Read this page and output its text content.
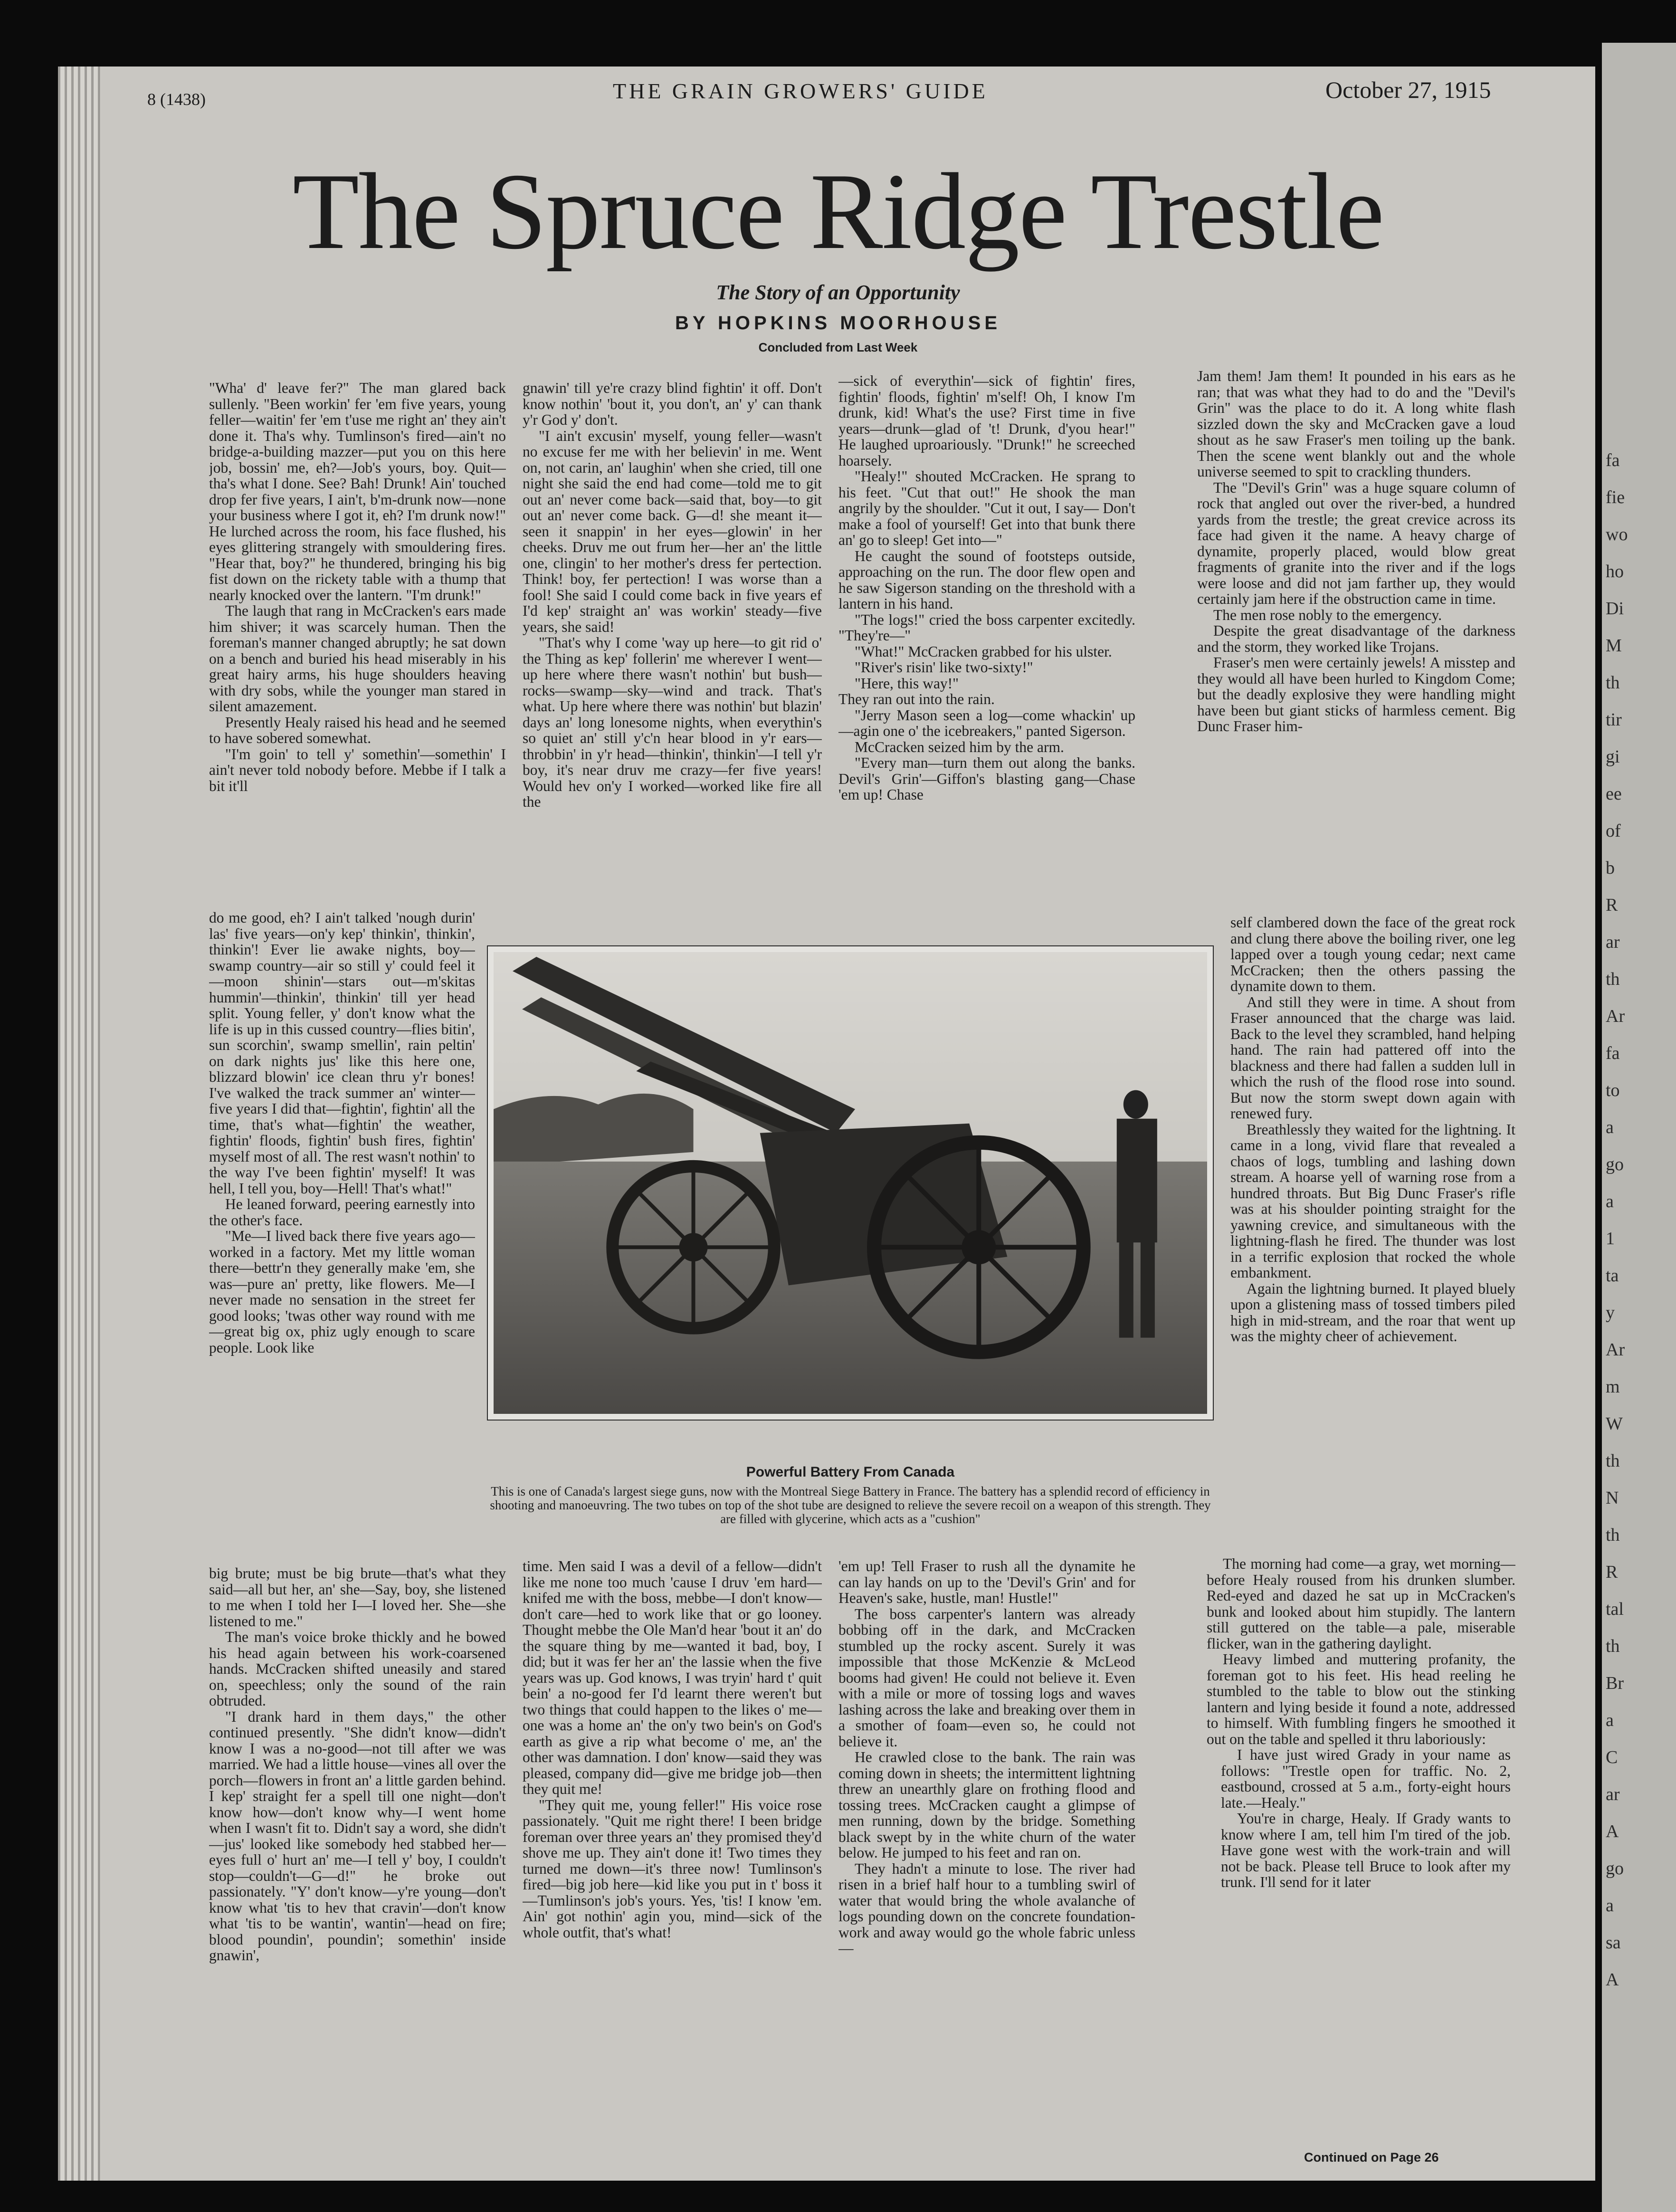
fa
fie
wo
ho
Di
M
th
tir
gi
ee
of
b
R
ar
th
Ar
fa
to
a
go
a
1
ta
y
Ar
m
W
th
N
th
R
tal
th
Br
a
C
ar
A
go
a
sa
A
8 (1438)	THE GRAIN GROWERS' GUIDE	October 27, 1915
The Spruce Ridge Trestle
The Story of an Opportunity
BY HOPKINS MOORHOUSE
Concluded from Last Week

"Wha' d' leave fer?" The man glared back sullenly. "Been workin' fer 'em five years, young feller—waitin' fer 'em t'use me right an' they ain't done it. Tha's why. Tumlinson's fired—ain't no bridge-a-building mazzer—put you on this here job, bossin' me, eh?—Job's yours, boy. Quit—tha's what I done. See? Bah! Drunk! Ain' touched drop fer five years, I ain't, b'm-drunk now—none your business where I got it, eh? I'm drunk now!" He lurched across the room, his face flushed, his eyes glittering strangely with smouldering fires. "Hear that, boy?" he thundered, bringing his big fist down on the rickety table with a thump that nearly knocked over the lantern. "I'm drunk!"

The laugh that rang in McCracken's ears made him shiver; it was scarcely human. Then the foreman's manner changed abruptly; he sat down on a bench and buried his head miserably in his great hairy arms, his huge shoulders heaving with dry sobs, while the younger man stared in silent amazement.

Presently Healy raised his head and he seemed to have sobered somewhat.

"I'm goin' to tell y' somethin'—somethin' I ain't never told nobody before. Mebbe if I talk a bit it'll

do me good, eh? I ain't talked 'nough durin' las' five years—on'y kep' thinkin', thinkin', thinkin'! Ever lie awake nights, boy—swamp country—air so still y' could feel it—moon shinin'—stars out—m'skitas hummin'—thinkin', thinkin' till yer head split. Young feller, y' don't know what the life is up in this cussed country—flies bitin', sun scorchin', swamp smellin', rain peltin' on dark nights jus' like this here one, blizzard blowin' ice clean thru y'r bones! I've walked the track summer an' winter—five years I did that—fightin', fightin' all the time, that's what—fightin' the weather, fightin' floods, fightin' bush fires, fightin' myself most of all. The rest wasn't nothin' to the way I've been fightin' myself! It was hell, I tell you, boy—Hell! That's what!"

He leaned forward, peering earnestly into the other's face.

"Me—I lived back there five years ago—worked in a factory. Met my little woman there—bettr'n they generally make 'em, she was—pure an' pretty, like flowers. Me—I never made no sensation in the street fer good looks; 'twas other way round with me—great big ox, phiz ugly enough to scare people. Look like

big brute; must be big brute—that's what they said—all but her, an' she—Say, boy, she listened to me when I told her I—I loved her. She—she listened to me."

The man's voice broke thickly and he bowed his head again between his work-coarsened hands. McCracken shifted uneasily and stared on, speechless; only the sound of the rain obtruded.

"I drank hard in them days," the other continued presently. "She didn't know—didn't know I was a no-good—not till after we was married. We had a little house—vines all over the porch—flowers in front an' a little garden behind. I kep' straight fer a spell till one night—don't know how—don't know why—I went home when I wasn't fit to. Didn't say a word, she didn't—jus' looked like somebody hed stabbed her—eyes full o' hurt an' me—I tell y' boy, I couldn't stop—couldn't—G—d!" he broke out passionately. "Y' don't know—y're young—don't know what 'tis to hev that cravin'—don't know what 'tis to be wantin', wantin'—head on fire; blood poundin', poundin'; somethin' inside gnawin',

gnawin' till ye're crazy blind fightin' it off. Don't know nothin' 'bout it, you don't, an' y' can thank y'r God y' don't.

"I ain't excusin' myself, young feller—wasn't no excuse fer me with her believin' in me. Went on, not carin, an' laughin' when she cried, till one night she said the end had come—told me to git out an' never come back—said that, boy—to git out an' never come back. G—d! she meant it—seen it snappin' in her eyes—glowin' in her cheeks. Druv me out frum her—her an' the little one, clingin' to her mother's dress fer pertection. Think! boy, fer pertection! I was worse than a fool! She said I could come back in five years ef I'd kep' straight an' was workin' steady—five years, she said!

"That's why I come 'way up here—to git rid o' the Thing as kep' follerin' me wherever I went—up here where there wasn't nothin' but bush—rocks—swamp—sky—wind and track. That's what. Up here where there was nothin' but blazin' days an' long lonesome nights, when everythin's so quiet an' still y'c'n hear blood in y'r ears—throbbin' in y'r head—thinkin', thinkin'—I tell y'r boy, it's near druv me crazy—fer five years! Would hev on'y I worked—worked like fire all the

time. Men said I was a devil of a fellow—didn't like me none too much 'cause I druv 'em hard—knifed me with the boss, mebbe—I don't know—don't care—hed to work like that or go looney. Thought mebbe the Ole Man'd hear 'bout it an' do the square thing by me—wanted it bad, boy, I did; but it was fer her an' the lassie when the five years was up. God knows, I was tryin' hard t' quit bein' a no-good fer I'd learnt there weren't but two things that could happen to the likes o' me—one was a home an' the on'y two bein's on God's earth as give a rip what become o' me, an' the other was damnation. I don' know—said they was pleased, company did—give me bridge job—then they quit me!

"They quit me, young feller!" His voice rose passionately. "Quit me right there! I been bridge foreman over three years an' they promised they'd shove me up. They ain't done it! Two times they turned me down—it's three now! Tumlinson's fired—big job here—kid like you put in t' boss it—Tumlinson's job's yours. Yes, 'tis! I know 'em. Ain' got nothin' agin you, mind—sick of the whole outfit, that's what!

—sick of everythin'—sick of fightin' fires, fightin' floods, fightin' m'self! Oh, I know I'm drunk, kid! What's the use? First time in five years—drunk—glad of 't! Drunk, d'you hear!" He laughed uproariously. "Drunk!" he screeched hoarsely.

"Healy!" shouted McCracken. He sprang to his feet. "Cut that out!" He shook the man angrily by the shoulder. "Cut it out, I say— Don't make a fool of yourself! Get into that bunk there an' go to sleep! Get into—"

He caught the sound of footsteps outside, approaching on the run. The door flew open and he saw Sigerson standing on the threshold with a lantern in his hand.

"The logs!" cried the boss carpenter excitedly. "They're—"

"What!" McCracken grabbed for his ulster.

"River's risin' like two-sixty!"

"Here, this way!"

They ran out into the rain.

"Jerry Mason seen a log—come whackin' up—agin one o' the icebreakers," panted Sigerson.

McCracken seized him by the arm.

"Every man—turn them out along the banks. Devil's Grin'—Giffon's blasting gang—Chase 'em up! Chase

'em up! Tell Fraser to rush all the dynamite he can lay hands on up to the 'Devil's Grin' and for Heaven's sake, hustle, man! Hustle!"

The boss carpenter's lantern was already bobbing off in the dark, and McCracken stumbled up the rocky ascent. Surely it was impossible that those McKenzie & McLeod booms had given! He could not believe it. Even with a mile or more of tossing logs and waves lashing across the lake and breaking over them in a smother of foam—even so, he could not believe it.

He crawled close to the bank. The rain was coming down in sheets; the intermittent lightning threw an unearthly glare on frothing flood and tossing trees. McCracken caught a glimpse of men running, down by the bridge. Something black swept by in the white churn of the water below. He jumped to his feet and ran on.

They hadn't a minute to lose. The river had risen in a brief half hour to a tumbling swirl of water that would bring the whole avalanche of logs pounding down on the concrete foundation-work and away would go the whole fabric unless—

Jam them! Jam them! It pounded in his ears as he ran; that was what they had to do and the "Devil's Grin" was the place to do it. A long white flash sizzled down the sky and McCracken gave a loud shout as he saw Fraser's men toiling up the bank. Then the scene went blankly out and the whole universe seemed to spit to crackling thunders.

The "Devil's Grin" was a huge square column of rock that angled out over the river-bed, a hundred yards from the trestle; the great crevice across its face had given it the name. A heavy charge of dynamite, properly placed, would blow great fragments of granite into the river and if the logs were loose and did not jam farther up, they would certainly jam here if the obstruction came in time.

The men rose nobly to the emergency.

Despite the great disadvantage of the darkness and the storm, they worked like Trojans.

Fraser's men were certainly jewels! A misstep and they would all have been hurled to Kingdom Come; but the deadly explosive they were handling might have been but giant sticks of harmless cement. Big Dunc Fraser him-

self clambered down the face of the great rock and clung there above the boiling river, one leg lapped over a tough young cedar; next came McCracken; then the others passing the dynamite down to them.

And still they were in time. A shout from Fraser announced that the charge was laid. Back to the level they scrambled, hand helping hand. The rain had pattered off into the blackness and there had fallen a sudden lull in which the rush of the flood rose into sound. But now the storm swept down again with renewed fury.

Breathlessly they waited for the lightning. It came in a long, vivid flare that revealed a chaos of logs, tumbling and lashing down stream. A hoarse yell of warning rose from a hundred throats. But Big Dunc Fraser's rifle was at his shoulder pointing straight for the yawning crevice, and simultaneous with the lightning-flash he fired. The thunder was lost in a terrific explosion that rocked the whole embankment.

Again the lightning burned. It played bluely upon a glistening mass of tossed timbers piled high in mid-stream, and the roar that went up was the mighty cheer of achievement.

The morning had come—a gray, wet morning—before Healy roused from his drunken slumber. Red-eyed and dazed he sat up in McCracken's bunk and looked about him stupidly. The lantern still guttered on the table—a pale, miserable flicker, wan in the gathering daylight.

Heavy limbed and muttering profanity, the foreman got to his feet. His head reeling he stumbled to the table to blow out the stinking lantern and lying beside it found a note, addressed to himself. With fumbling fingers he smoothed it out on the table and spelled it thru laboriously:

I have just wired Grady in your name as follows: "Trestle open for traffic. No. 2, eastbound, crossed at 5 a.m., forty-eight hours late.—Healy."

You're in charge, Healy. If Grady wants to know where I am, tell him I'm tired of the job. Have gone west with the work-train and will not be back. Please tell Bruce to look after my trunk. I'll send for it later

Continued on Page 26
Powerful Battery From Canada
This is one of Canada's largest siege guns, now with the Montreal Siege Battery in France. The battery has a splendid record of efficiency in shooting and manoeuvring. The two tubes on top of the shot tube are designed to relieve the severe recoil on a weapon of this strength. They are filled with glycerine, which acts as a "cushion"
